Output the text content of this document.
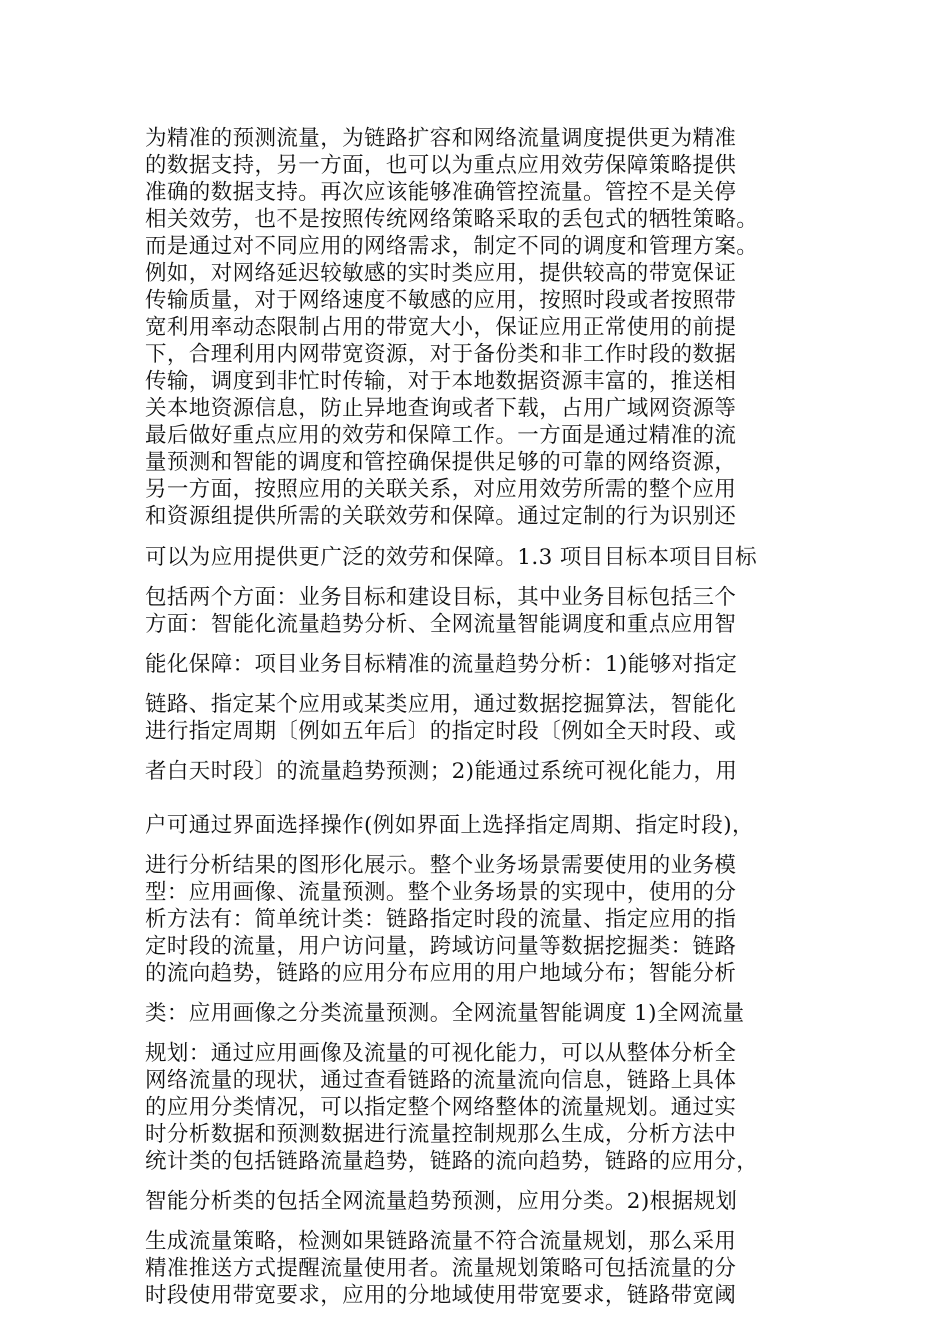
为精准的预测流量，为链路扩容和网络流量调度提供更为精准
的数据支持，另一方面，也可以为重点应用效劳保障策略提供
准确的数据支持。再次应该能够准确管控流量。管控不是关停
相关效劳，也不是按照传统网络策略采取的丢包式的牺牲策略。
而是通过对不同应用的网络需求，制定不同的调度和管理方案。
例如，对网络延迟较敏感的实时类应用，提供较高的带宽保证
传输质量，对于网络速度不敏感的应用，按照时段或者按照带
宽利用率动态限制占用的带宽大小，保证应用正常使用的前提
下，合理利用内网带宽资源，对于备份类和非工作时段的数据
传输，调度到非忙时传输，对于本地数据资源丰富的，推送相
关本地资源信息，防止异地查询或者下载，占用广域网资源等
最后做好重点应用的效劳和保障工作。一方面是通过精准的流
量预测和智能的调度和管控确保提供足够的可靠的网络资源，
另一方面，按照应用的关联关系，对应用效劳所需的整个应用
和资源组提供所需的关联效劳和保障。通过定制的行为识别还
可以为应用提供更广泛的效劳和保障。1.3 项目目标本项目目标
包括两个方面：业务目标和建设目标，其中业务目标包括三个
方面：智能化流量趋势分析、全网流量智能调度和重点应用智
能化保障：项目业务目标精准的流量趋势分析：1)能够对指定
链路、指定某个应用或某类应用，通过数据挖掘算法，智能化
进行指定周期〔例如五年后〕的指定时段〔例如全天时段、或
者白天时段〕的流量趋势预测；2)能通过系统可视化能力，用
户可通过界面选择操作(例如界面上选择指定周期、指定时段)，
进行分析结果的图形化展示。整个业务场景需要使用的业务模
型：应用画像、流量预测。整个业务场景的实现中，使用的分
析方法有：简单统计类：链路指定时段的流量、指定应用的指
定时段的流量，用户访问量，跨域访问量等数据挖掘类：链路
的流向趋势，链路的应用分布应用的用户地域分布；智能分析
类：应用画像之分类流量预测。全网流量智能调度 1)全网流量
规划：通过应用画像及流量的可视化能力，可以从整体分析全
网络流量的现状，通过查看链路的流量流向信息，链路上具体
的应用分类情况，可以指定整个网络整体的流量规划。通过实
时分析数据和预测数据进行流量控制规那么生成，分析方法中
统计类的包括链路流量趋势，链路的流向趋势，链路的应用分，
智能分析类的包括全网流量趋势预测，应用分类。2)根据规划
生成流量策略，检测如果链路流量不符合流量规划，那么采用
精准推送方式提醒流量使用者。流量规划策略可包括流量的分
时段使用带宽要求，应用的分地域使用带宽要求，链路带宽阈
